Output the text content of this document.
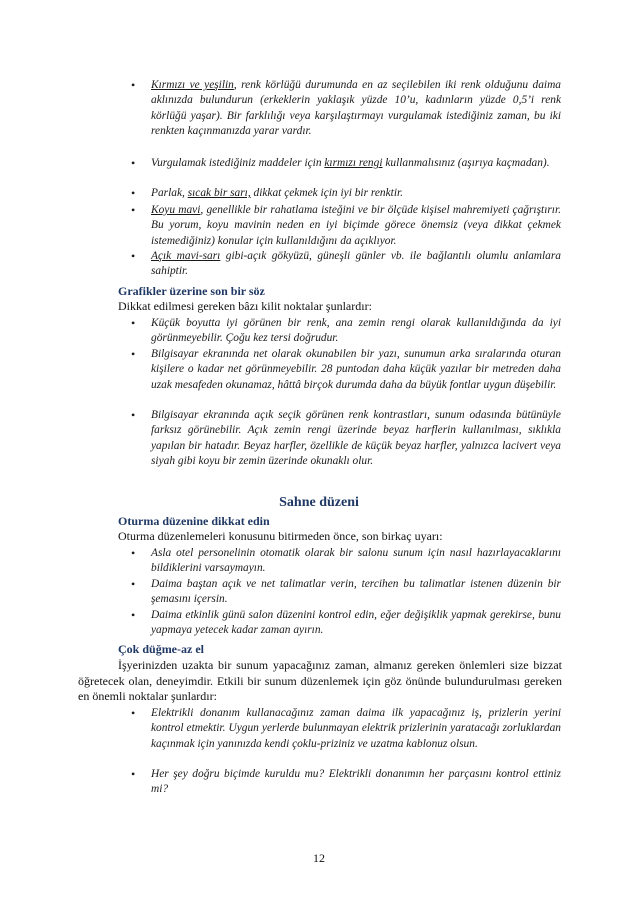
• Kırmızı ve yeşilin, renk körlüğü durumunda en az seçilebilen iki renk olduğunu daima aklınızda bulundurun (erkeklerin yaklaşık yüzde 10’u, kadınların yüzde 0,5’i renk körlüğü yaşar). Bir farklılığı veya karşılaştırmayı vurgulamak istediğiniz zaman, bu iki renkten kaçınmanızda yarar vardır.
• Vurgulamak istediğiniz maddeler için kırmızı rengi kullanmalısınız (aşırıya kaçmadan).
• Parlak, sıcak bir sarı, dikkat çekmek için iyi bir renktir.
• Koyu mavi, genellikle bir rahatlama isteğini ve bir ölçüde kişisel mahremiyeti çağrıştırır. Bu yorum, koyu mavinin neden en iyi biçimde görece önemsiz (veya dikkat çekmek istemediğiniz) konular için kullanıldığını da açıklıyor.
• Açık mavi-sarı gibi-açık gökyüzü, güneşli günler vb. ile bağlantılı olumlu anlamlara sahiptir.
Grafikler üzerine son bir söz
Dikkat edilmesi gereken bâzı kilit noktalar şunlardır:
• Küçük boyutta iyi görünen bir renk, ana zemin rengi olarak kullanıldığında da iyi görünmeyebilir. Çoğu kez tersi doğrudur.
• Bilgisayar ekranında net olarak okunabilen bir yazı, sunumun arka sıralarında oturan kişilere o kadar net görünmeyebilir. 28 puntodan daha küçük yazılar bir metreden daha uzak mesafeden okunamaz, hâttâ birçok durumda daha da büyük fontlar uygun düşebilir.
• Bilgisayar ekranında açık seçik görünen renk kontrastları, sunum odasında bütünüyle farksız görünebilir. Açık zemin rengi üzerinde beyaz harflerin kullanılması, sıklıkla yapılan bir hatadır. Beyaz harfler, özellikle de küçük beyaz harfler, yalnızca lacivert veya siyah gibi koyu bir zemin üzerinde okunaklı olur.
Sahne düzeni
Oturma düzenine dikkat edin
Oturma düzenlemeleri konusunu bitirmeden önce, son birkaç uyarı:
• Asla otel personelinin otomatik olarak bir salonu sunum için nasıl hazırlayacaklarını bildiklerini varsaymayın.
• Daima baştan açık ve net talimatlar verin, tercihen bu talimatlar istenen düzenin bir şemasını içersin.
• Daima etkinlik günü salon düzenini kontrol edin, eğer değişiklik yapmak gerekirse, bunu yapmaya yetecek kadar zaman ayırın.
Çok düğme-az el
İşyerinizden uzakta bir sunum yapacağınız zaman, almanız gereken önlemleri size bizzat öğretecek olan, deneyimdir. Etkili bir sunum düzenlemek için göz önünde bulundurulması gereken en önemli noktalar şunlardır:
• Elektrikli donanım kullanacağınız zaman daima ilk yapacağınız iş, prizlerin yerini kontrol etmektir. Uygun yerlerde bulunmayan elektrik prizlerinin yaratacağı zorluklardan kaçınmak için yanınızda kendi çoklu-priziniz ve uzatma kablonuz olsun.
• Her şey doğru biçimde kuruldu mu? Elektrikli donanımın her parçasını kontrol ettiniz mi?
12
